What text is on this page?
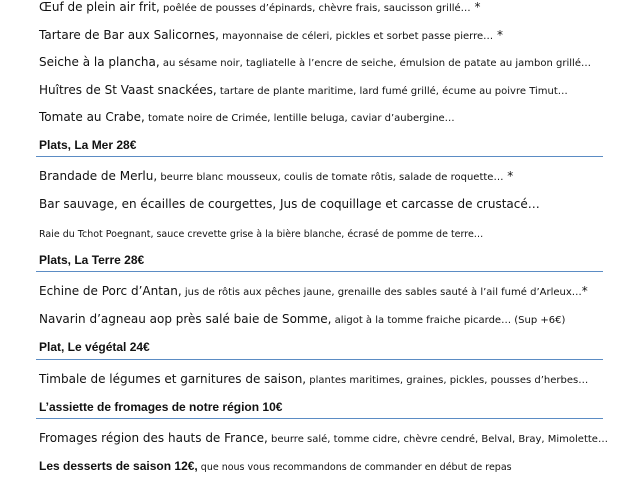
Œuf de plein air frit, poêlée de pousses d’épinards, chèvre frais, saucisson grillé… *
Tartare de Bar aux Salicornes, mayonnaise de céleri, pickles et sorbet passe pierre… *
Seiche à la plancha, au sésame noir, tagliatelle à l’encre de seiche, émulsion de patate au jambon grillé…
Huîtres de St Vaast snackées, tartare de plante maritime, lard fumé grillé, écume au poivre Timut…
Tomate au Crabe, tomate noire de Crimée, lentille beluga, caviar d’aubergine…
Plats, La Mer 28€
Brandade de Merlu, beurre blanc mousseux, coulis de tomate rôtis, salade de roquette… *
Bar sauvage, en écailles de courgettes, Jus de coquillage et carcasse de crustacé…
Raie du Tchot Poegnant, sauce crevette grise à la bière blanche, écrasé de pomme de terre…
Plats, La Terre 28€
Echine de Porc d’Antan, jus de rôtis aux pêches jaune, grenaille des sables sauté à l’ail fumé d’Arleux…*
Navarin d’agneau aop près salé baie de Somme, aligot à la tomme fraiche picarde… (Sup +6€)
Plat, Le végétal 24€
Timbale de légumes et garnitures de saison, plantes maritimes, graines, pickles, pousses d’herbes…
L’assiette de fromages de notre région 10€
Fromages région des hauts de France, beurre salé, tomme cidre, chèvre cendré, Belval, Bray, Mimolette…
Les desserts de saison 12€, que nous vous recommandons de commander en début de repas
